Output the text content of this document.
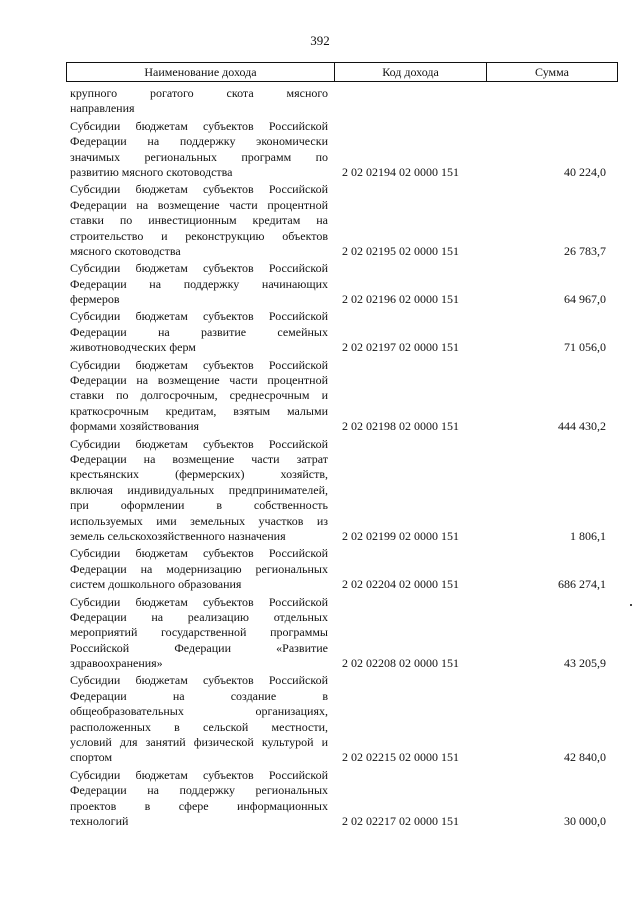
392
Наименование дохода	Код дохода	Сумма
крупного рогатого скота мясного
направления
Субсидии бюджетам субъектов Российской
Федерации на поддержку экономически
значимых региональных программ по
развитию мясного скотоводства	2 02 02194 02 0000 151	40 224,0
Субсидии бюджетам субъектов Российской
Федерации на возмещение части процентной
ставки по инвестиционным кредитам на
строительство и реконструкцию объектов
мясного скотоводства	2 02 02195 02 0000 151	26 783,7
Субсидии бюджетам субъектов Российской
Федерации на поддержку начинающих
фермеров	2 02 02196 02 0000 151	64 967,0
Субсидии бюджетам субъектов Российской
Федерации на развитие семейных
животноводческих ферм	2 02 02197 02 0000 151	71 056,0
Субсидии бюджетам субъектов Российской
Федерации на возмещение части процентной
ставки по долгосрочным, среднесрочным и
краткосрочным кредитам, взятым малыми
формами хозяйствования	2 02 02198 02 0000 151	444 430,2
Субсидии бюджетам субъектов Российской
Федерации на возмещение части затрат
крестьянских (фермерских) хозяйств,
включая индивидуальных предпринимателей,
при оформлении в собственность
используемых ими земельных участков из
земель сельскохозяйственного назначения	2 02 02199 02 0000 151	1 806,1
Субсидии бюджетам субъектов Российской
Федерации на модернизацию региональных
систем дошкольного образования	2 02 02204 02 0000 151	686 274,1
Субсидии бюджетам субъектов Российской
Федерации на реализацию отдельных
мероприятий государственной программы
Российской Федерации «Развитие
здравоохранения»	2 02 02208 02 0000 151	43 205,9
Субсидии бюджетам субъектов Российской
Федерации на создание в
общеобразовательных организациях,
расположенных в сельской местности,
условий для занятий физической культурой и
спортом	2 02 02215 02 0000 151	42 840,0
Субсидии бюджетам субъектов Российской
Федерации на поддержку региональных
проектов в сфере информационных
технологий	2 02 02217 02 0000 151	30 000,0
